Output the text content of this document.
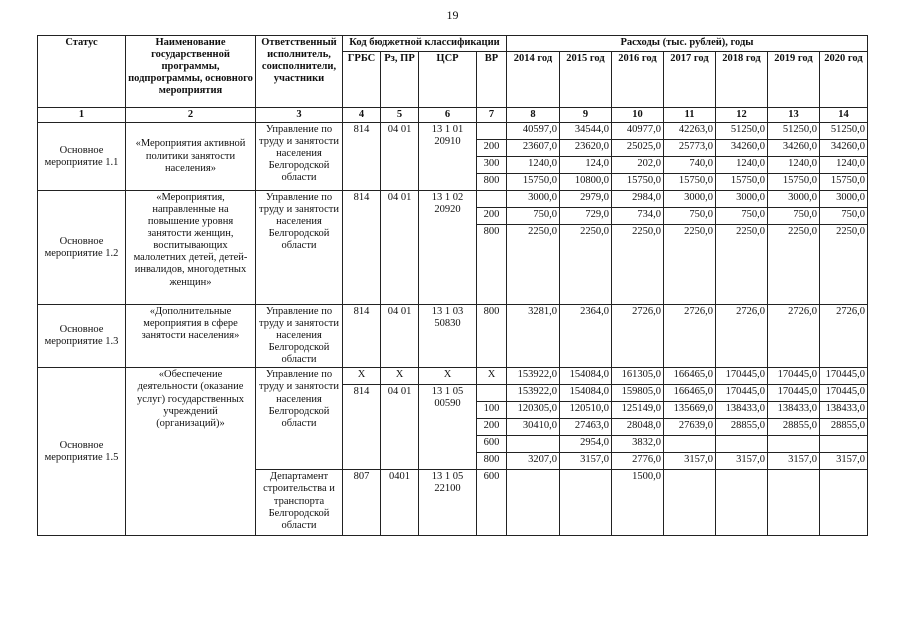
19
Статус	Наименование государственной программы, подпрограммы, основного мероприятия	Ответственный исполнитель, соисполнители, участники	Код бюджетной классификации				Расходы (тыс. рублей), годы						
			ГРБС	Рз, ПР	ЦСР	ВР	2014 год	2015 год	2016 год	2017 год	2018 год	2019 год	2020 год
1	2	3	4	5	6	7	8	9	10	11	12	13	14
Основное мероприятие 1.1	«Мероприятия активной политики занятости населения»	Управление по труду и занятости населения Белгородской области	814	04 01	13 1 01 20910		40597,0	34544,0	40977,0	42263,0	51250,0	51250,0	51250,0
						200	23607,0	23620,0	25025,0	25773,0	34260,0	34260,0	34260,0
						300	1240,0	124,0	202,0	740,0	1240,0	1240,0	1240,0
						800	15750,0	10800,0	15750,0	15750,0	15750,0	15750,0	15750,0
Основное мероприятие 1.2	«Мероприятия, направленные на повышение уровня занятости женщин, воспитывающих малолетних детей, детей-инвалидов, многодетных женщин»	Управление по труду и занятости населения Белгородской области	814	04 01	13 1 02 20920		3000,0	2979,0	2984,0	3000,0	3000,0	3000,0	3000,0
						200	750,0	729,0	734,0	750,0	750,0	750,0	750,0
						800	2250,0	2250,0	2250,0	2250,0	2250,0	2250,0	2250,0
Основное мероприятие 1.3	«Дополнительные мероприятия в сфере занятости населения»	Управление по труду и занятости населения Белгородской области	814	04 01	13 1 03 50830	800	3281,0	2364,0	2726,0	2726,0	2726,0	2726,0	2726,0
Основное мероприятие 1.5	«Обеспечение деятельности (оказание услуг) государственных учреждений (организаций)»	Управление по труду и занятости населения Белгородской области	X	X	X	X	153922,0	154084,0	161305,0	166465,0	170445,0	170445,0	170445,0
			814	04 01	13 1 05 00590		153922,0	154084,0	159805,0	166465,0	170445,0	170445,0	170445,0
						100	120305,0	120510,0	125149,0	135669,0	138433,0	138433,0	138433,0
						200	30410,0	27463,0	28048,0	27639,0	28855,0	28855,0	28855,0
						600		2954,0	3832,0				
						800	3207,0	3157,0	2776,0	3157,0	3157,0	3157,0	3157,0
		Департамент строительства и транспорта Белгородской области	807	0401	13 1 05 22100	600			1500,0				
